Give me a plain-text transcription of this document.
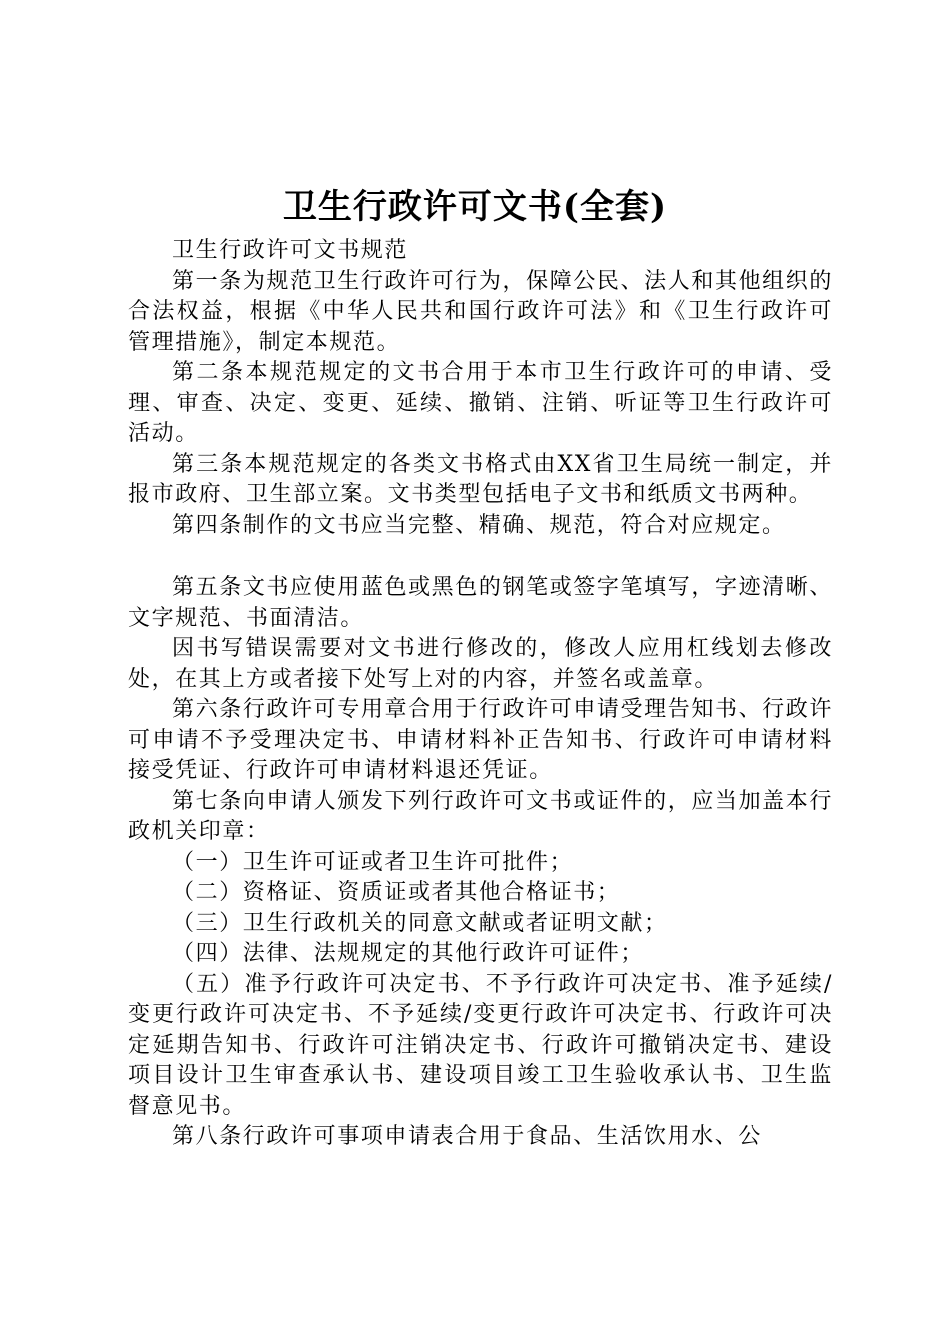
卫生行政许可文书(全套)

卫生行政许可文书规范

第一条为规范卫生行政许可行为，保障公民、法人和其他组织的合法权益，根据《中华人民共和国行政许可法》和《卫生行政许可管理措施》，制定本规范。

第二条本规范规定的文书合用于本市卫生行政许可的申请、受理、审查、决定、变更、延续、撤销、注销、听证等卫生行政许可活动。

第三条本规范规定的各类文书格式由XX省卫生局统一制定，并报市政府、卫生部立案。文书类型包括电子文书和纸质文书两种。

第四条制作的文书应当完整、精确、规范，符合对应规定。

第五条文书应使用蓝色或黑色的钢笔或签字笔填写，字迹清晰、文字规范、书面清洁。

因书写错误需要对文书进行修改的，修改人应用杠线划去修改处，在其上方或者接下处写上对的内容，并签名或盖章。

第六条行政许可专用章合用于行政许可申请受理告知书、行政许可申请不予受理决定书、申请材料补正告知书、行政许可申请材料接受凭证、行政许可申请材料退还凭证。

第七条向申请人颁发下列行政许可文书或证件的，应当加盖本行政机关印章：

（一）卫生许可证或者卫生许可批件；

（二）资格证、资质证或者其他合格证书；

（三）卫生行政机关的同意文献或者证明文献；

（四）法律、法规规定的其他行政许可证件；

（五）准予行政许可决定书、不予行政许可决定书、准予延续/变更行政许可决定书、不予延续/变更行政许可决定书、行政许可决定延期告知书、行政许可注销决定书、行政许可撤销决定书、建设项目设计卫生审查承认书、建设项目竣工卫生验收承认书、卫生监督意见书。

第八条行政许可事项申请表合用于食品、生活饮用水、公
